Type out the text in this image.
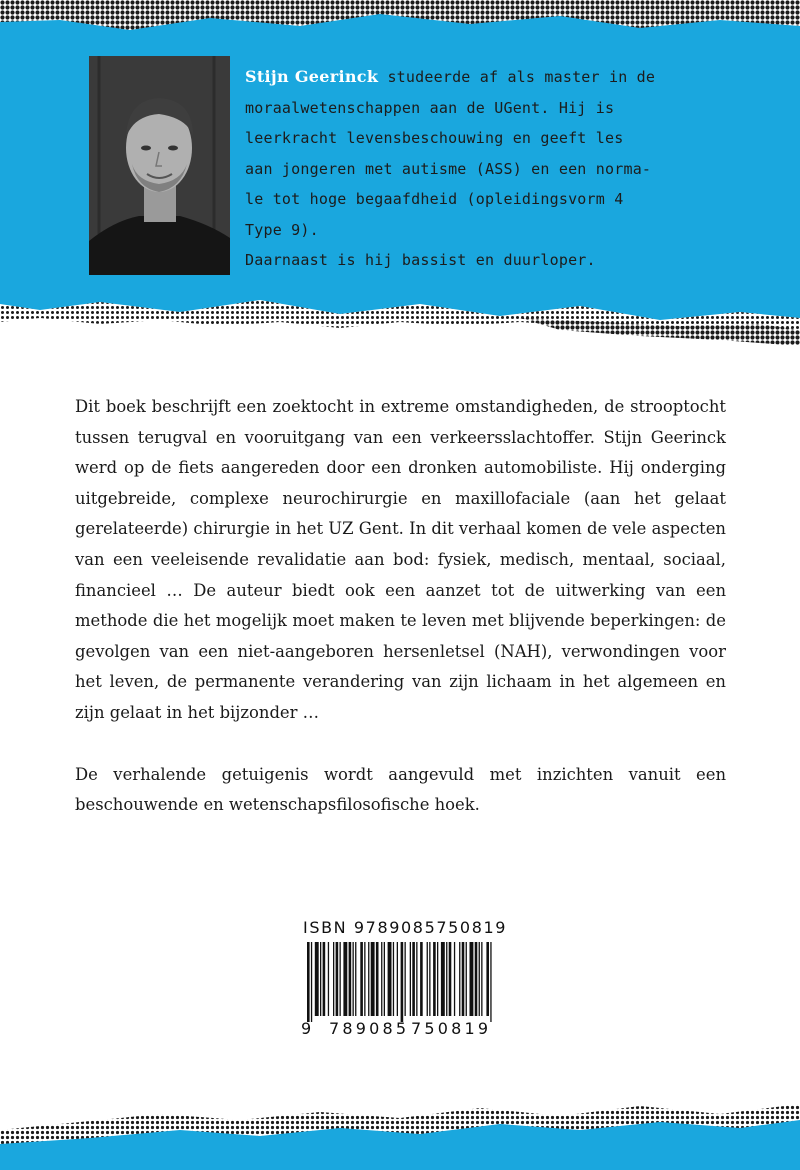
Stijn Geerinck studeerde af als master in de

moraalwetenschappen aan de UGent. Hij is

leerkracht levensbeschouwing en geeft les

aan jongeren met autisme (ASS) en een norma-

le tot hoge begaafdheid (opleidingsvorm 4

Type 9).

Daarnaast is hij bassist en duurloper.

Dit boek beschrijft een zoektocht in extreme omstandigheden, de strooptocht tussen terugval en vooruitgang van een verkeersslachtoffer. Stijn Geerinck werd op de fiets aangereden door een dronken automobiliste. Hij onderging uitgebreide, complexe neurochirurgie en maxillofaciale (aan het gelaat gerelateerde) chirurgie in het UZ Gent. In dit verhaal komen de vele aspecten van een veeleisende revalidatie aan bod: fysiek, medisch, mentaal, sociaal, financieel … De auteur biedt ook een aanzet tot de uitwerking van een methode die het mogelijk moet maken te leven met blijvende beperkingen: de gevolgen van een niet-aangeboren hersenletsel (NAH), verwondingen voor het leven, de permanente verandering van zijn lichaam in het algemeen en zijn gelaat in het bijzonder …

De verhalende getuigenis wordt aangevuld met inzichten vanuit een beschouwende en wetenschapsfilosofische hoek.

ISBN 9789085750819
9 789085 750819
